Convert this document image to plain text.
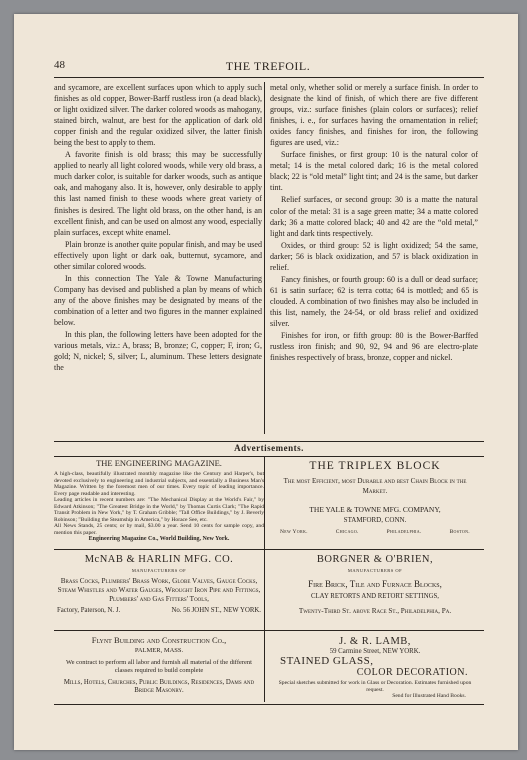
48	THE TREFOIL.

and sycamore, are excellent surfaces upon which to apply such finishes as old copper, Bower-Barff rustless iron (a dead black), or light oxidized silver. The darker colored woods as mahogany, stained birch, walnut, are best for the application of dark old copper finish and the regular oxidized silver, the latter finish being the best to apply to them.

A favorite finish is old brass; this may be successfully applied to nearly all light colored woods, while very old brass, a much darker color, is suitable for darker woods, such as antique oak, and mahogany also. It is, however, only desirable to apply this last named finish to these woods where great variety of finishes is desired. The light old brass, on the other hand, is an excellent finish, and can be used on almost any wood, especially plain surfaces, except white enamel.

Plain bronze is another quite popular finish, and may be used effectively upon light or dark oak, butternut, sycamore, and other similar colored woods.

In this connection The Yale & Towne Manufacturing Company has devised and published a plan by means of which any of the above finishes may be designated by means of the combination of a letter and two figures in the manner explained below.

In this plan, the following letters have been adopted for the various metals, viz.: A, brass; B, bronze; C, copper; F, iron; G, gold; N, nickel; S, silver; L, aluminum. These letters designate the

metal only, whether solid or merely a surface finish. In order to designate the kind of finish, of which there are five different groups, viz.: surface finishes (plain colors or surfaces); relief finishes, i. e., for surfaces having the ornamentation in relief; oxides fancy finishes, and finishes for iron, the following figures are used, viz.:

Surface finishes, or first group: 10 is the natural color of metal; 14 is the metal colored dark; 16 is the metal colored black; 22 is “old metal” light tint; and 24 is the same, but darker tint.

Relief surfaces, or second group: 30 is a matte the natural color of the metal: 31 is a sage green matte; 34 a matte colored dark; 36 a matte colored black; 40 and 42 are the “old metal,” light and dark tints respectively.

Oxides, or third group: 52 is light oxidized; 54 the same, darker; 56 is black oxidization, and 57 is black oxidization in relief.

Fancy finishes, or fourth group: 60 is a dull or dead surface; 61 is satin surface; 62 is terra cotta; 64 is mottled; and 65 is clouded. A combination of two finishes may also be included in this list, namely, the 24-54, or old brass relief and oxidized silver.

Finishes for iron, or fifth group: 80 is the Bower-Barffed rustless iron finish; and 90, 92, 94 and 96 are electro-plate finishes respectively of brass, bronze, copper and nickel.

Advertisements.
THE ENGINEERING MAGAZINE.
A high-class, beautifully illustrated monthly magazine like the Century and Harper's, but devoted exclusively to engineering and industrial subjects, and essentially a Business Man's Magazine. Written by the foremost men of our times. Every topic of leading importance. Every page readable and interesting.
Leading articles in recent numbers are: "The Mechanical Display at the World's Fair," by Edward Atkinson; "The Greatest Bridge in the World," by Thomas Curtis Clark; "The Rapid Transit Problem in New York," by T. Graham Gribble; "Tall Office Buildings," by J. Beverly Robinson; "Building the Steamship in America," by Horace See, etc.
All News Stands, 25 cents; or by mail, $3.00 a year. Send 10 cents for sample copy, and mention this paper.
Engineering Magazine Co., World Building, New York.
THE TRIPLEX BLOCK
The most Efficient, most Durable and best Chain Block in the Market.
THE YALE & TOWNE MFG. COMPANY,
STAMFORD, CONN.
New York.	Chicago.	Philadelphia.	Boston.
McNAB & HARLIN MFG. CO.
MANUFACTURERS OF
Brass Cocks, Plumbers' Brass Work, Globe Valves, Gauge Cocks, Steam Whistles and Water Gauges, Wrought Iron Pipe and Fittings, Plumbers' and Gas Fitters' Tools,
Factory, Paterson, N. J.	No. 56 JOHN ST., NEW YORK.
BORGNER & O'BRIEN,
MANUFACTURERS OF
Fire Brick, Tile and Furnace Blocks,
CLAY RETORTS AND RETORT SETTINGS,
Twenty-Third St. above Race St., Philadelphia, Pa.
Flynt Building and Construction Co.,
PALMER, MASS.
We contract to perform all labor and furnish all material of the different classes required to build complete
Mills, Hotels, Churches, Public Buildings, Residences, Dams and Bridge Masonry.
J. & R. LAMB,
59 Carmine Street, NEW YORK.
STAINED GLASS,
COLOR DECORATION.
Special sketches submitted for work in Glass or Decoration. Estimates furnished upon request.
Send for Illustrated Hand Books.
